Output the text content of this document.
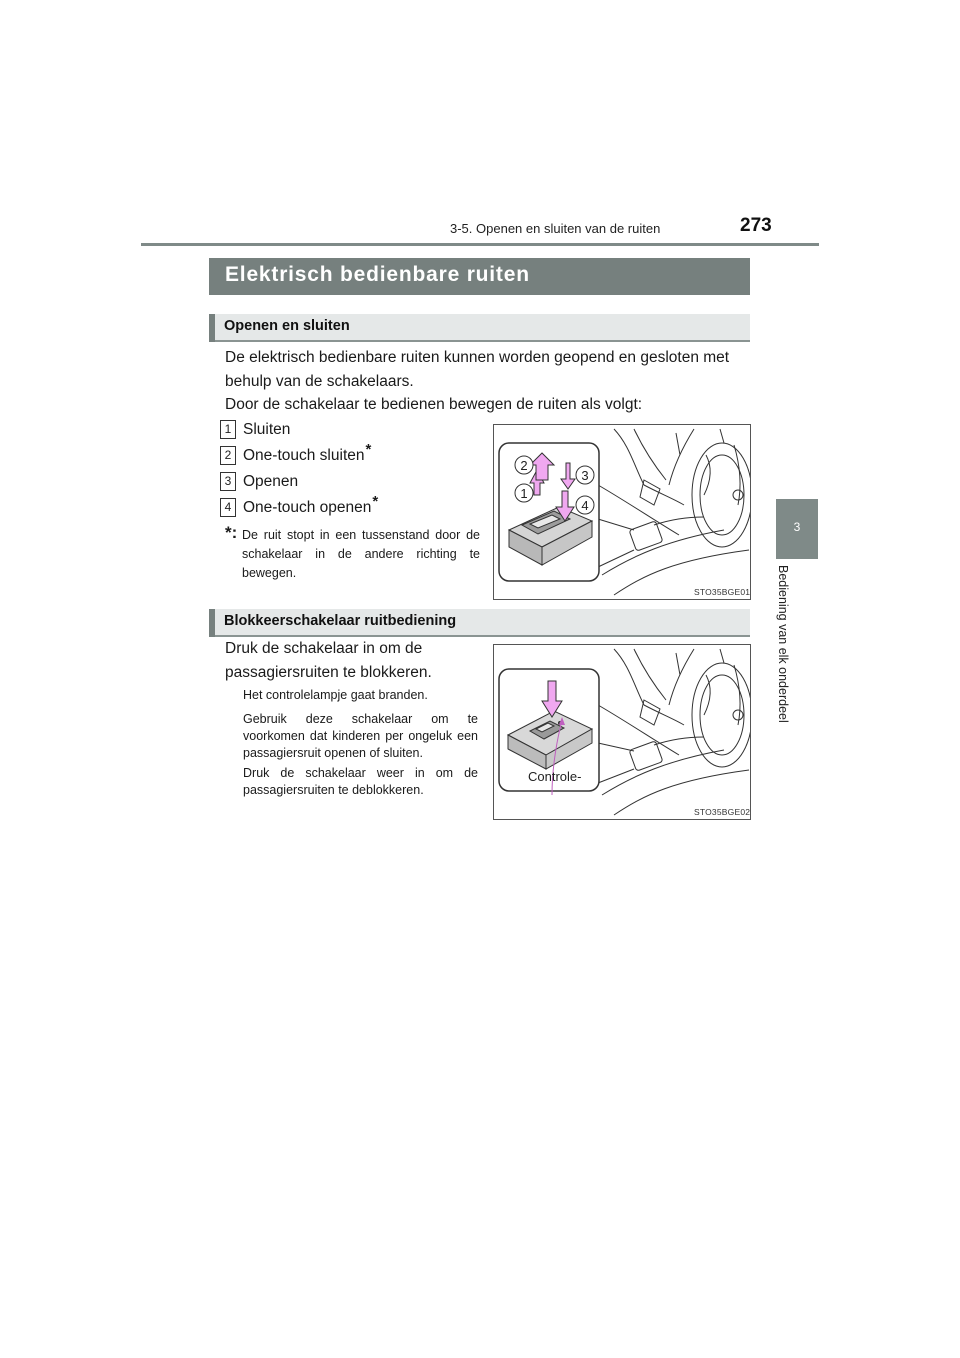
3-5. Openen en sluiten van de ruiten	273
3
Bediening van elk onderdeel
Elektrisch bedienbare ruiten
Openen en sluiten
De elektrisch bedienbare ruiten kunnen worden geopend en gesloten met behulp van de schakelaars.
Door de schakelaar te bedienen bewegen de ruiten als volgt:
1 Sluiten
2 One-touch sluiten*
3 Openen
4 One-touch openen*
*: De ruit stopt in een tussenstand door de schakelaar in de andere richting te bewegen.
2
3
1
4
STO35BGE01
Blokkeerschakelaar ruitbediening
Druk de schakelaar in om de passagiersruiten te blokkeren.
Het controlelampje gaat branden.
Gebruik deze schakelaar om te voorkomen dat kinderen per ongeluk een passagiersruit openen of sluiten.
Druk de schakelaar weer in om de passagiersruiten te deblokkeren.
Controle-
STO35BGE02
